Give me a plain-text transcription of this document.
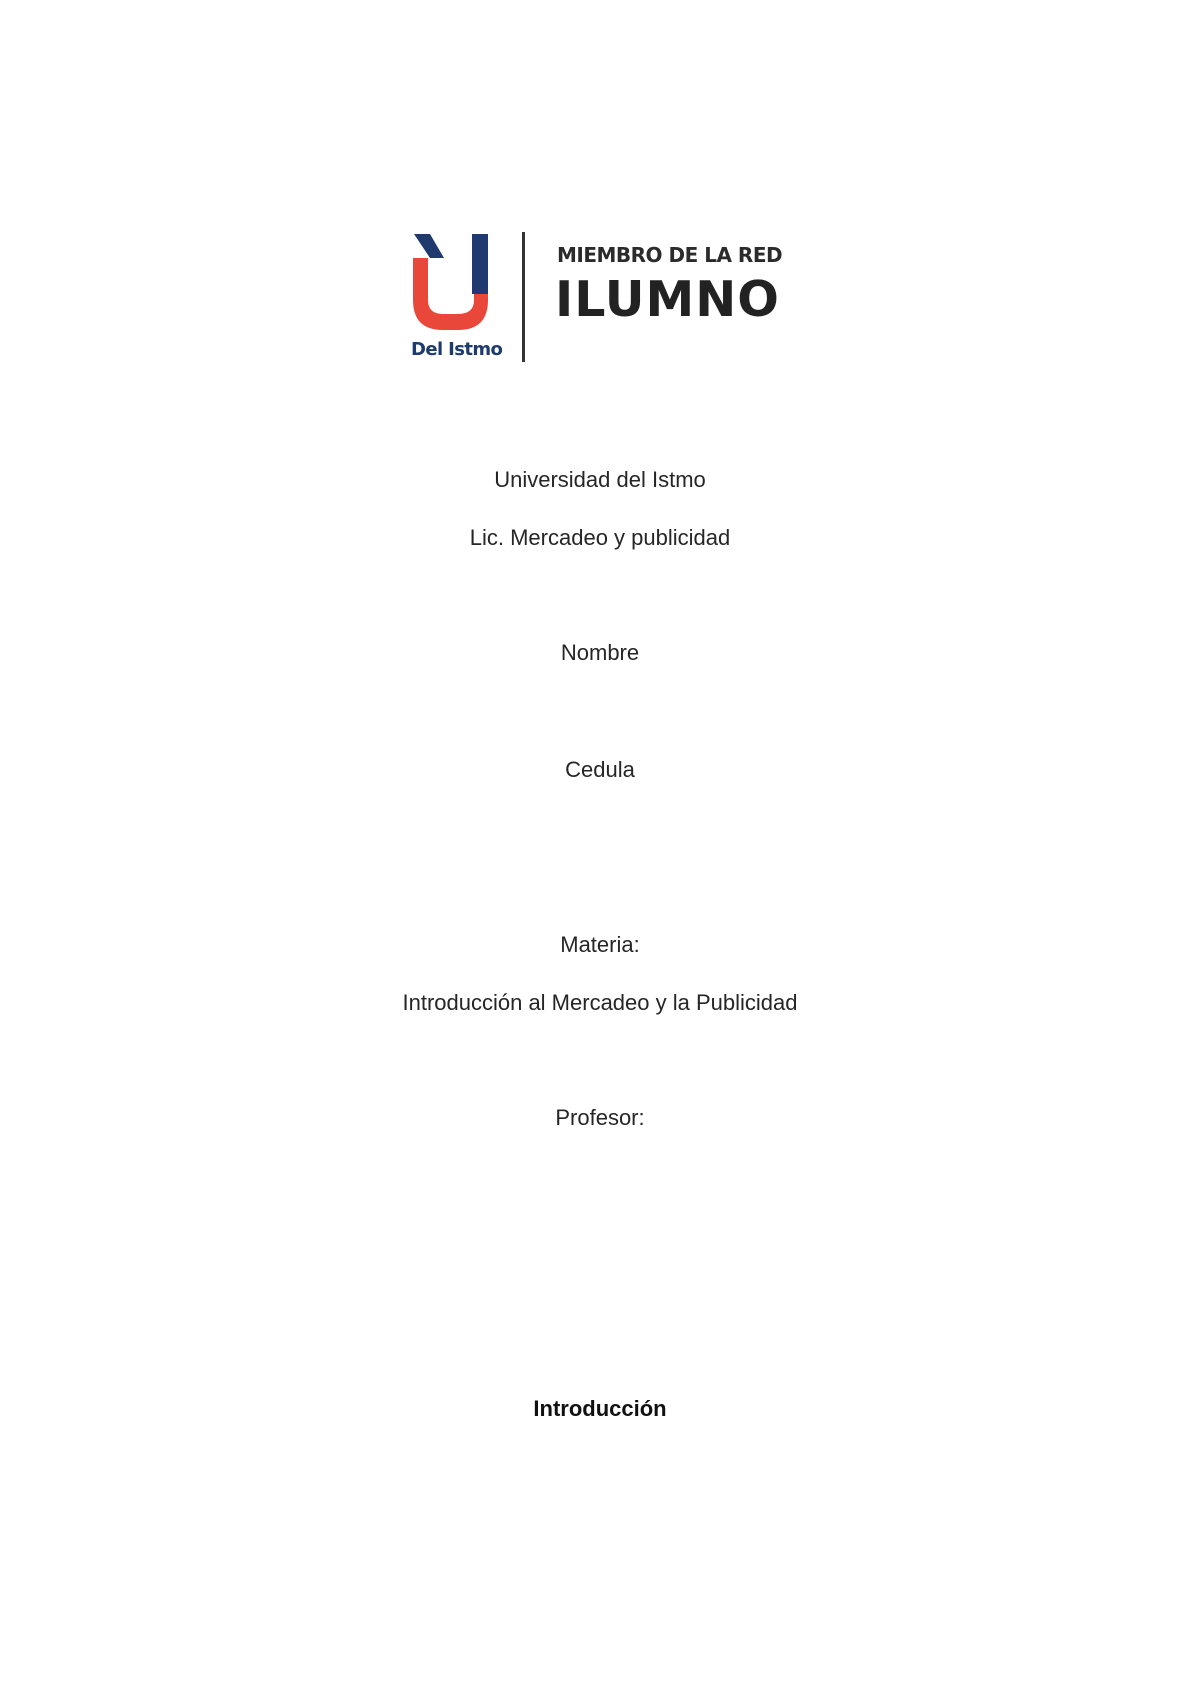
Del Istmo
MIEMBRO DE LA RED
ILUMNO
Universidad del Istmo
Lic. Mercadeo y publicidad
Nombre
Cedula
Materia:
Introducción al Mercadeo y la Publicidad
Profesor:
Introducción
